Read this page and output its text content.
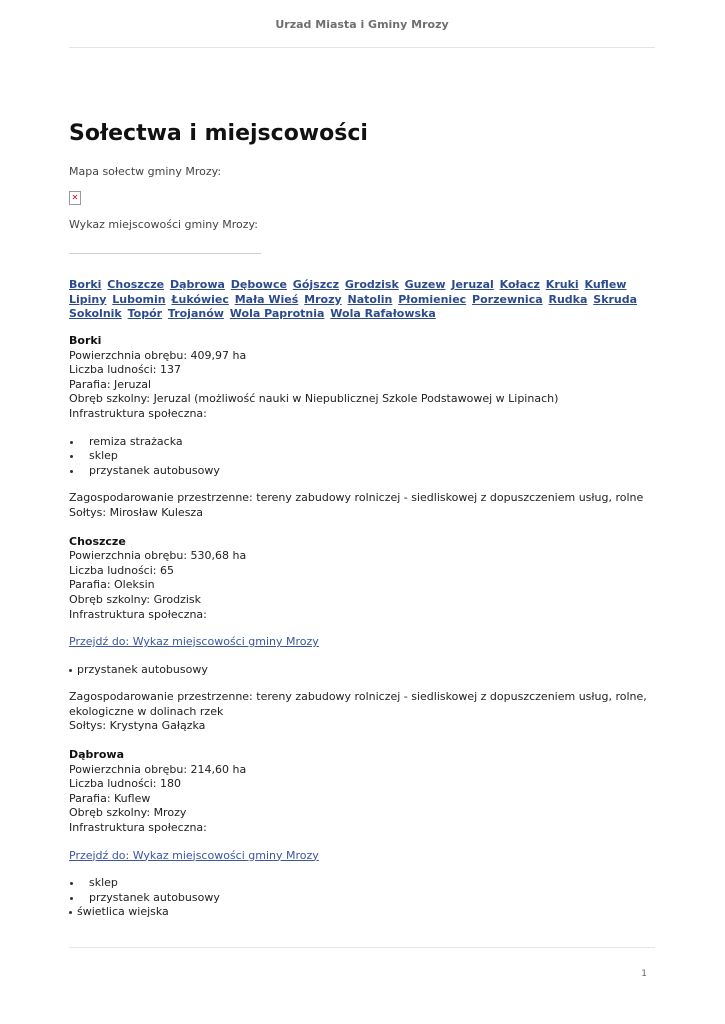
Urzad Miasta i Gminy Mrozy
Sołectwa i miejscowości

Mapa sołectw gminy Mrozy:

✕

Wykaz miejscowości gminy Mrozy:

Borki Choszcze Dąbrowa Dębowce Gójszcz Grodzisk Guzew Jeruzal Kołacz Kruki Kuflew Lipiny Lubomin Łukówiec Mała Wieś Mrozy Natolin Płomieniec Porzewnica Rudka Skruda Sokolnik Topór Trojanów Wola Paprotnia Wola Rafałowska
Borki
Powierzchnia obrębu: 409,97 ha
Liczba ludności: 137
Parafia: Jeruzal
Obręb szkolny: Jeruzal (możliwość nauki w Niepublicznej Szkole Podstawowej w Lipinach)
Infrastruktura społeczna:
remiza strażacka
sklep
przystanek autobusowy
Zagospodarowanie przestrzenne: tereny zabudowy rolniczej - siedliskowej z dopuszczeniem usług, rolne
Sołtys: Mirosław Kulesza
Choszcze
Powierzchnia obrębu: 530,68 ha
Liczba ludności: 65
Parafia: Oleksin
Obręb szkolny: Grodzisk
Infrastruktura społeczna:
Przejdź do: Wykaz miejscowości gminy Mrozy
przystanek autobusowy
Zagospodarowanie przestrzenne: tereny zabudowy rolniczej - siedliskowej z dopuszczeniem usług, rolne, ekologiczne w dolinach rzek
Sołtys: Krystyna Gałązka
Dąbrowa
Powierzchnia obrębu: 214,60 ha
Liczba ludności: 180
Parafia: Kuflew
Obręb szkolny: Mrozy
Infrastruktura społeczna:
Przejdź do: Wykaz miejscowości gminy Mrozy
sklep
przystanek autobusowy
świetlica wiejska
1
